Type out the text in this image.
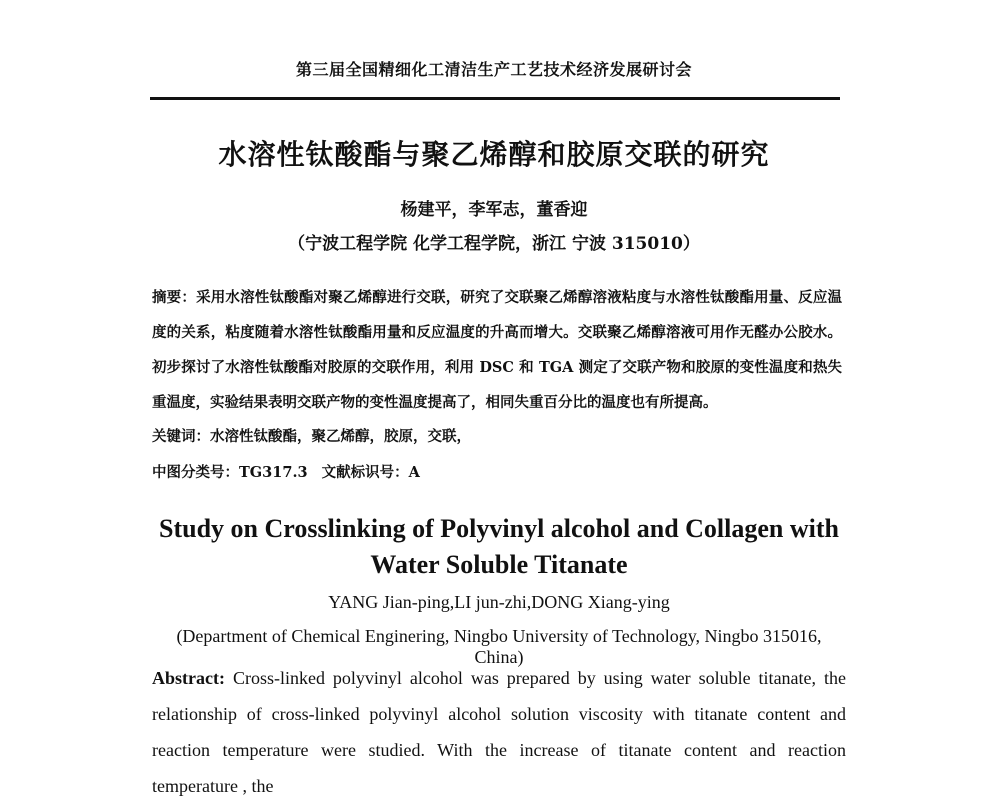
第三届全国精细化工清洁生产工艺技术经济发展研讨会
水溶性钛酸酯与聚乙烯醇和胶原交联的研究
杨建平，李军志，董香迎
（宁波工程学院 化学工程学院，浙江 宁波 315010）
摘要：采用水溶性钛酸酯对聚乙烯醇进行交联，研究了交联聚乙烯醇溶液粘度与水溶性钛酸酯用量、反应温度的关系，粘度随着水溶性钛酸酯用量和反应温度的升高而增大。交联聚乙烯醇溶液可用作无醛办公胶水。初步探讨了水溶性钛酸酯对胶原的交联作用，利用 DSC 和 TGA 测定了交联产物和胶原的变性温度和热失重温度，实验结果表明交联产物的变性温度提高了，相同失重百分比的温度也有所提高。
关键词：水溶性钛酸酯，聚乙烯醇，胶原，交联，
中图分类号：TG317.3 文献标识号：A
Study on Crosslinking of Polyvinyl alcohol and Collagen with
Water Soluble Titanate
YANG Jian-ping,LI jun-zhi,DONG Xiang-ying
(Department of Chemical Enginering, Ningbo University of Technology, Ningbo 315016, China)
Abstract: Cross-linked polyvinyl alcohol was prepared by using water soluble titanate, the relationship of cross-linked polyvinyl alcohol solution viscosity with titanate content and reaction temperature were studied. With the increase of titanate content and reaction temperature , the
